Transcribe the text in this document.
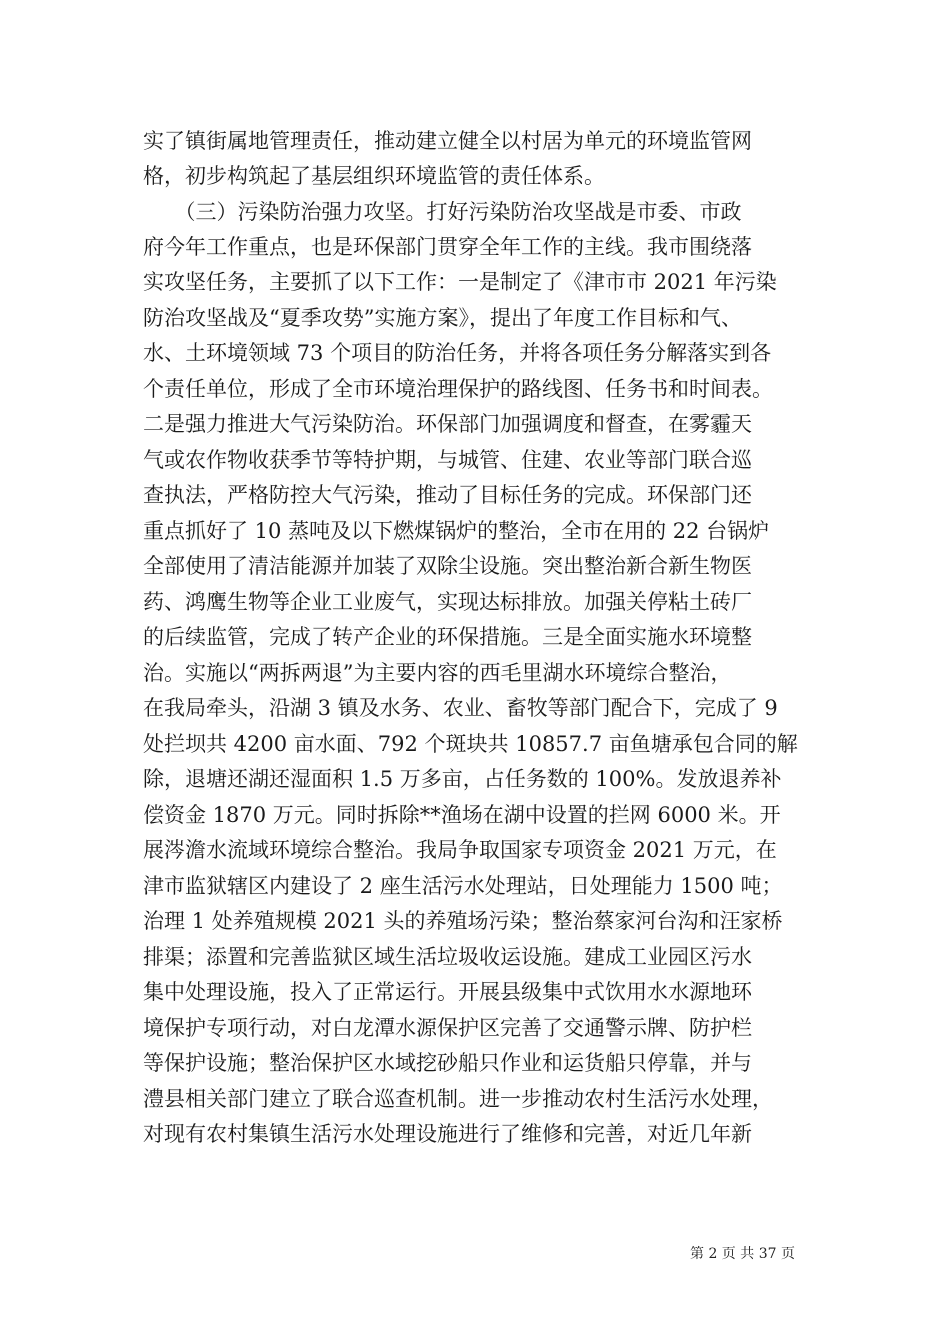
实了镇街属地管理责任，推动建立健全以村居为单元的环境监管网
格，初步构筑起了基层组织环境监管的责任体系。
　　（三）污染防治强力攻坚。打好污染防治攻坚战是市委、市政
府今年工作重点，也是环保部门贯穿全年工作的主线。我市围绕落
实攻坚任务，主要抓了以下工作：一是制定了《津市市 2021 年污染
防治攻坚战及“夏季攻势”实施方案》，提出了年度工作目标和气、
水、土环境领域 73 个项目的防治任务，并将各项任务分解落实到各
个责任单位，形成了全市环境治理保护的路线图、任务书和时间表。
二是强力推进大气污染防治。环保部门加强调度和督查，在雾霾天
气或农作物收获季节等特护期，与城管、住建、农业等部门联合巡
查执法，严格防控大气污染，推动了目标任务的完成。环保部门还
重点抓好了 10 蒸吨及以下燃煤锅炉的整治，全市在用的 22 台锅炉
全部使用了清洁能源并加装了双除尘设施。突出整治新合新生物医
药、鸿鹰生物等企业工业废气，实现达标排放。加强关停粘土砖厂
的后续监管，完成了转产企业的环保措施。三是全面实施水环境整
治。实施以“两拆两退”为主要内容的西毛里湖水环境综合整治，
在我局牵头，沿湖 3 镇及水务、农业、畜牧等部门配合下，完成了 9
处拦坝共 4200 亩水面、792 个斑块共 10857.7 亩鱼塘承包合同的解
除，退塘还湖还湿面积 1.5 万多亩，占任务数的 100%。发放退养补
偿资金 1870 万元。同时拆除**渔场在湖中设置的拦网 6000 米。开
展涔澹水流域环境综合整治。我局争取国家专项资金 2021 万元，在
津市监狱辖区内建设了 2 座生活污水处理站，日处理能力 1500 吨；
治理 1 处养殖规模 2021 头的养殖场污染；整治蔡家河台沟和汪家桥
排渠；添置和完善监狱区域生活垃圾收运设施。建成工业园区污水
集中处理设施，投入了正常运行。开展县级集中式饮用水水源地环
境保护专项行动，对白龙潭水源保护区完善了交通警示牌、防护栏
等保护设施；整治保护区水域挖砂船只作业和运货船只停靠，并与
澧县相关部门建立了联合巡查机制。进一步推动农村生活污水处理，
对现有农村集镇生活污水处理设施进行了维修和完善，对近几年新
第 2 页 共 37 页
